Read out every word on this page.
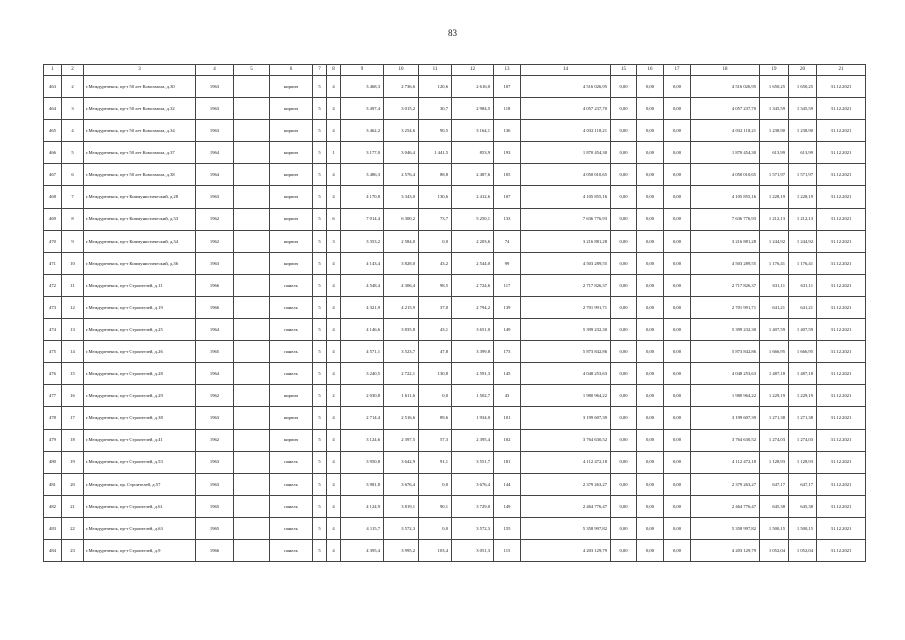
83
1	2	3	4	5	6	7	8	9	10	11	12	13	14	15	16	17	18	19	20	21
463	2	г.Междуреченск, пр-т 50 лет Комсомола, д.30	1963		кирпич	5	4	3 468,3	2 736,6	120,6	2 616,0	107	4 516 026,95	0,00	0,00	0,00	4 516 026,95	1 650,25	1 650,25	31.12.2021
464	3	г.Междуреченск, пр-т 50 лет Комсомола, д.32	1963		кирпич	5	4	3 497,4	3 015,2	30,7	2 984,5	118	4 057 237,70	0,00	0,00	0,00	4 057 237,70	1 345,59	1 345,59	31.12.2021
465	4	г.Междуреченск, пр-т 50 лет Комсомола, д.34	1963		кирпич	5	4	3 462,2	3 254,6	90,5	3 164,1	136	4 032 118,21	0,00	0,00	0,00	4 032 118,21	1 238,90	1 238,90	31.12.2021
466	5	г.Междуреченск, пр-т 50 лет Комсомола, д.37	1964		кирпич	5	1	3 177,0	3 046,4	1 441,5	853,9	193	1 870 454,30	0,00	0,00	0,00	1 870 454,30	613,99	613,99	31.12.2021
467	6	г.Междуреченск, пр-т 50 лет Комсомола, д.38	1964		кирпич	5	4	3 486,3	2 576,4	88,8	2 487,6	105	4 050 010,65	0,00	0,00	0,00	4 050 010,65	1 571,97	1 571,97	31.12.2021
468	7	г.Междуреченск, пр-т Коммунистический, д.28	1963		кирпич	5	4	4 170,8	3 343,0	130,6	2 412,6	107	4 105 855,16	0,00	0,00	0,00	4 105 855,16	1 228,19	1 228,19	31.12.2021
469	8	г.Междуреченск, пр-т Коммунистический, д.33	1962		кирпич	5	6	7 014,4	6 300,2	73,7	5 250,1	133	7 636 776,93	0,00	0,00	0,00	7 636 776,93	1 212,13	1 212,13	31.12.2021
470	9	г.Междуреченск, пр-т Коммунистический, д.34	1962		кирпич	5	3	3 353,2	2 584,0	0,0	2 203,6	74	3 216 881,28	0,00	0,00	0,00	3 216 881,28	1 244,92	1 244,92	31.12.2021
471	10	г.Междуреченск, пр-т Коммунистический, д.36	1963		кирпич	5	4	4 143,4	3 828,0	43,2	2 544,0	99	4 503 289,55	0,00	0,00	0,00	4 503 289,55	1 176,41	1 176,41	31.12.2021
472	11	г.Междуреченск, пр-т Строителей, д.11	1966		панель	5	4	4 548,4	4 306,4	98,5	2 724,6	117	2 717 826,37	0,00	0,00	0,00	2 717 826,37	631,11	631,11	31.12.2021
473	12	г.Междуреченск, пр-т Строителей, д.19	1966		панель	5	4	4 321,9	4 215,9	37,0	2 794,2	139	2 701 991,71	0,00	0,00	0,00	2 701 991,71	641,21	641,21	31.12.2021
474	13	г.Междуреченск, пр-т Строителей, д.25	1964		панель	5	4	4 146,6	3 835,8	43,1	3 651,0	149	5 399 232,30	0,00	0,00	0,00	5 399 232,30	1 407,59	1 407,59	31.12.2021
475	14	г.Междуреченск, пр-т Строителей, д.26	1965		панель	5	4	4 571,1	3 523,7	47,8	3 399,8	173	5 873 842,86	0,00	0,00	0,00	5 873 842,86	1 666,95	1 666,95	31.12.2021
476	15	г.Междуреченск, пр-т Строителей, д.28	1964		панель	5	4	3 240,5	2 722,1	130,8	2 591,3	145	4 048 253,63	0,00	0,00	0,00	4 048 253,63	1 487,18	1 487,18	31.12.2021
477	16	г.Междуреченск, пр-т Строителей, д.29	1962		кирпич	5	2	2 030,8	1 611,6	0,0	1 502,7	43	1 980 964,22	0,00	0,00	0,00	1 980 964,22	1 229,19	1 229,19	31.12.2021
478	17	г.Междуреченск, пр-т Строителей, д.38	1963		кирпич	5	4	2 714,4	2 516,6	89,6	1 934,0	101	3 199 607,39	0,00	0,00	0,00	3 199 607,39	1 271,38	1 271,38	31.12.2021
479	18	г.Междуреченск, пр-т Строителей, д.41	1962		кирпич	5	4	3 124,6	2 397,5	57,3	2 395,4	102	3 764 630,52	0,00	0,00	0,00	3 764 630,52	1 274,03	1 274,03	31.12.2021
480	19	г.Междуреченск, пр-т Строителей, д.53	1963		панель	5	4	3 950,8	3 642,9	91,1	3 551,7	181	4 112 472,18	0,00	0,00	0,00	4 112 472,18	1 128,93	1 128,93	31.12.2021
481	20	г.Междуреченск, пр. Строителей, д.57	1963		панель	5	4	3 981,8	3 676,4	0,0	3 676,4	144	2 379 263,27	0,00	0,00	0,00	2 379 263,27	647,17	647,17	31.12.2021
482	21	г.Междуреченск, пр-т Строителей, д.61	1965		панель	5	4	4 124,9	3 819,1	90,1	3 729,0	149	2 464 776,47	0,00	0,00	0,00	2 464 776,47	645,38	645,38	31.12.2021
483	22	г.Междуреченск, пр-т Строителей, д.63	1965		панель	5	4	4 115,7	3 572,3	0,0	3 572,3	155	5 358 997,82	0,00	0,00	0,00	5 358 997,82	1 500,15	1 500,15	31.12.2021
484	23	г.Междуреченск, пр-т Строителей, д.9	1966		панель	5	4	4 395,4	3 995,2	103,4	3 051,3	115	4 203 129,79	0,00	0,00	0,00	4 203 129,79	1 052,04	1 052,04	31.12.2021
